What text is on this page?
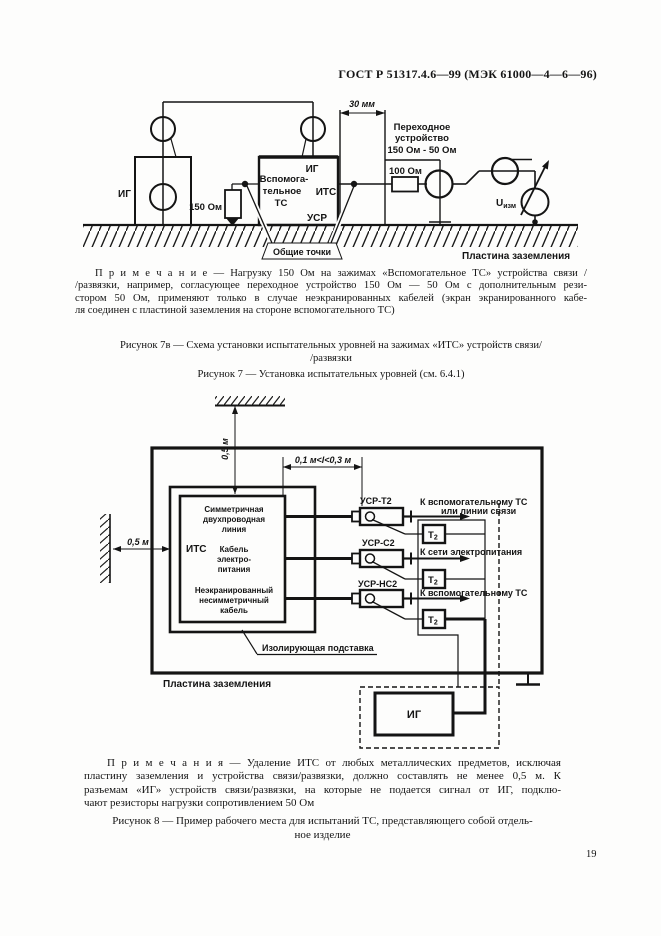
ГОСТ Р 51317.4.6—99 (МЭК 61000—4—6—96)
ИГ
150 Ом
Вспомога-
тельное
ТС
ИГ
ИТС
УСР
30 мм
Переходное
устройство
150 Ом - 50 Ом
100 Ом
$U_{изм}$
Общие точки	Пластина заземления
П р и м е ч а н и е — Нагрузку 150 Ом на зажимах «Вспомогательное ТС» устройства связи /
/развязки, например, согласующее переходное устройство 150 Ом — 50 Ом с дополнительным рези-
стором 50 Ом, применяют только в случае неэкранированных кабелей (экран экранированного кабе-
ля соединен с пластиной заземления на стороне вспомогательного ТС)
Рисунок 7в — Схема установки испытательных уровней на зажимах «ИТС» устройств связи/
/развязки
Рисунок 7 — Установка испытательных уровней (см. 6.4.1)
0,5 м
0,5 м
Пластина заземления
ИТС
Симметричная
двухпроводная
линия
Кабель
электро-
питания
Неэкранированный
несимметричный
кабель
0,1 м<l<0,3 м
УСР-Т2
УСР-С2
УСР-НС2
К вспомогательному ТС
или линии связи
К сети электропитания
К вспомогательному ТС
Т2
Т2
Т2
ИГ
Изолирующая подставка
П р и м е ч а н и я — Удаление ИТС от любых металлических предметов, исключая
пластину заземления и устройства связи/развязки, должно составлять не менее 0,5 м. К
разъемам «ИГ» устройств связи/развязки, на которые не подается сигнал от ИГ, подклю-
чают резисторы нагрузки сопротивлением 50 Ом
Рисунок 8 — Пример рабочего места для испытаний ТС, представляющего собой отдель-
ное изделие
19
